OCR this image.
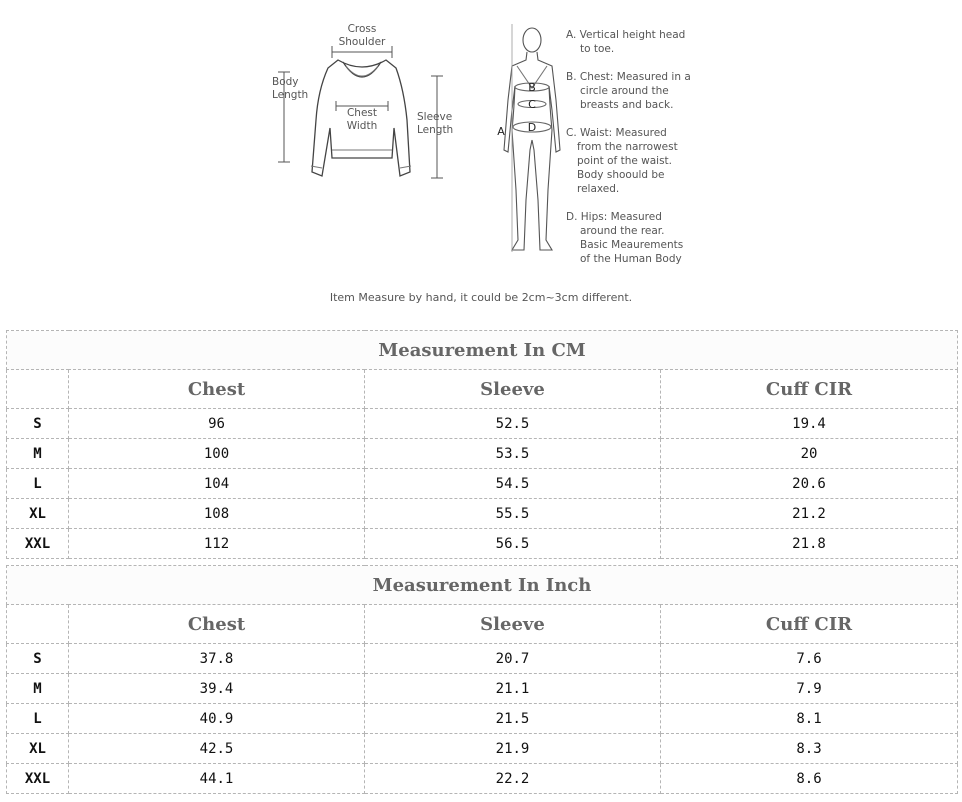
B
C
D
A
Cross
Shoulder
Body
Length
Chest
Width
Sleeve
Length
A. Vertical height head
to toe.
B. Chest: Measured in a
circle around the
breasts and back.
C. Waist: Measured
from the narrowest
point of the waist.
Body shoould be
relaxed.
D. Hips: Measured
around the rear.
Basic Meaurements
of the Human Body
Item Measure by hand, it could be 2cm~3cm different.
Measurement In CM			
	Chest	Sleeve	Cuff CIR
S	96	52.5	19.4
M	100	53.5	20
L	104	54.5	20.6
XL	108	55.5	21.2
XXL	112	56.5	21.8
Measurement In Inch			
	Chest	Sleeve	Cuff CIR
S	37.8	20.7	7.6
M	39.4	21.1	7.9
L	40.9	21.5	8.1
XL	42.5	21.9	8.3
XXL	44.1	22.2	8.6
